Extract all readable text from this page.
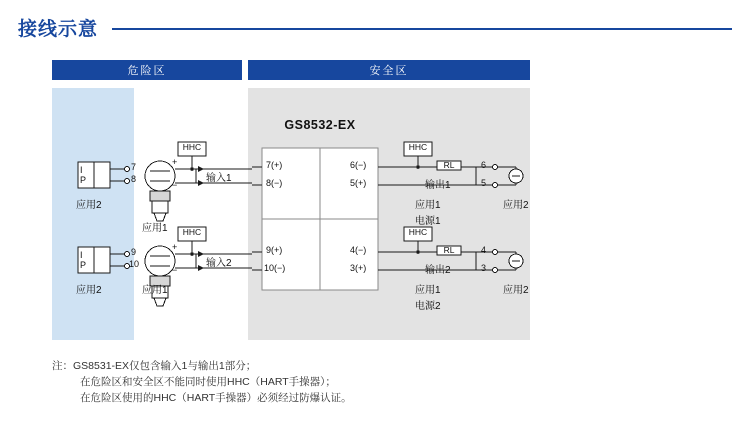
接线示意
危险区	安全区
GS8532-EX
I
P
I
P
7
8
9
10
+
−
+
−
HHC
HHC
HHC
HHC
RL
RL
输入1
输入2
7(+)
8(−)
9(+)
10(−)
6(−)
5(+)
4(−)
3(+)
6
5
4
3
输出1
输出2
电源1
电源2
应用1
应用1
应用2
应用2
应用2
应用2
应用1
应用1
注：GS8531-EX仅包含输入1与输出1部分；
在危险区和安全区不能同时使用HHC（HART手操器）；
在危险区使用的HHC（HART手操器）必须经过防爆认证。
